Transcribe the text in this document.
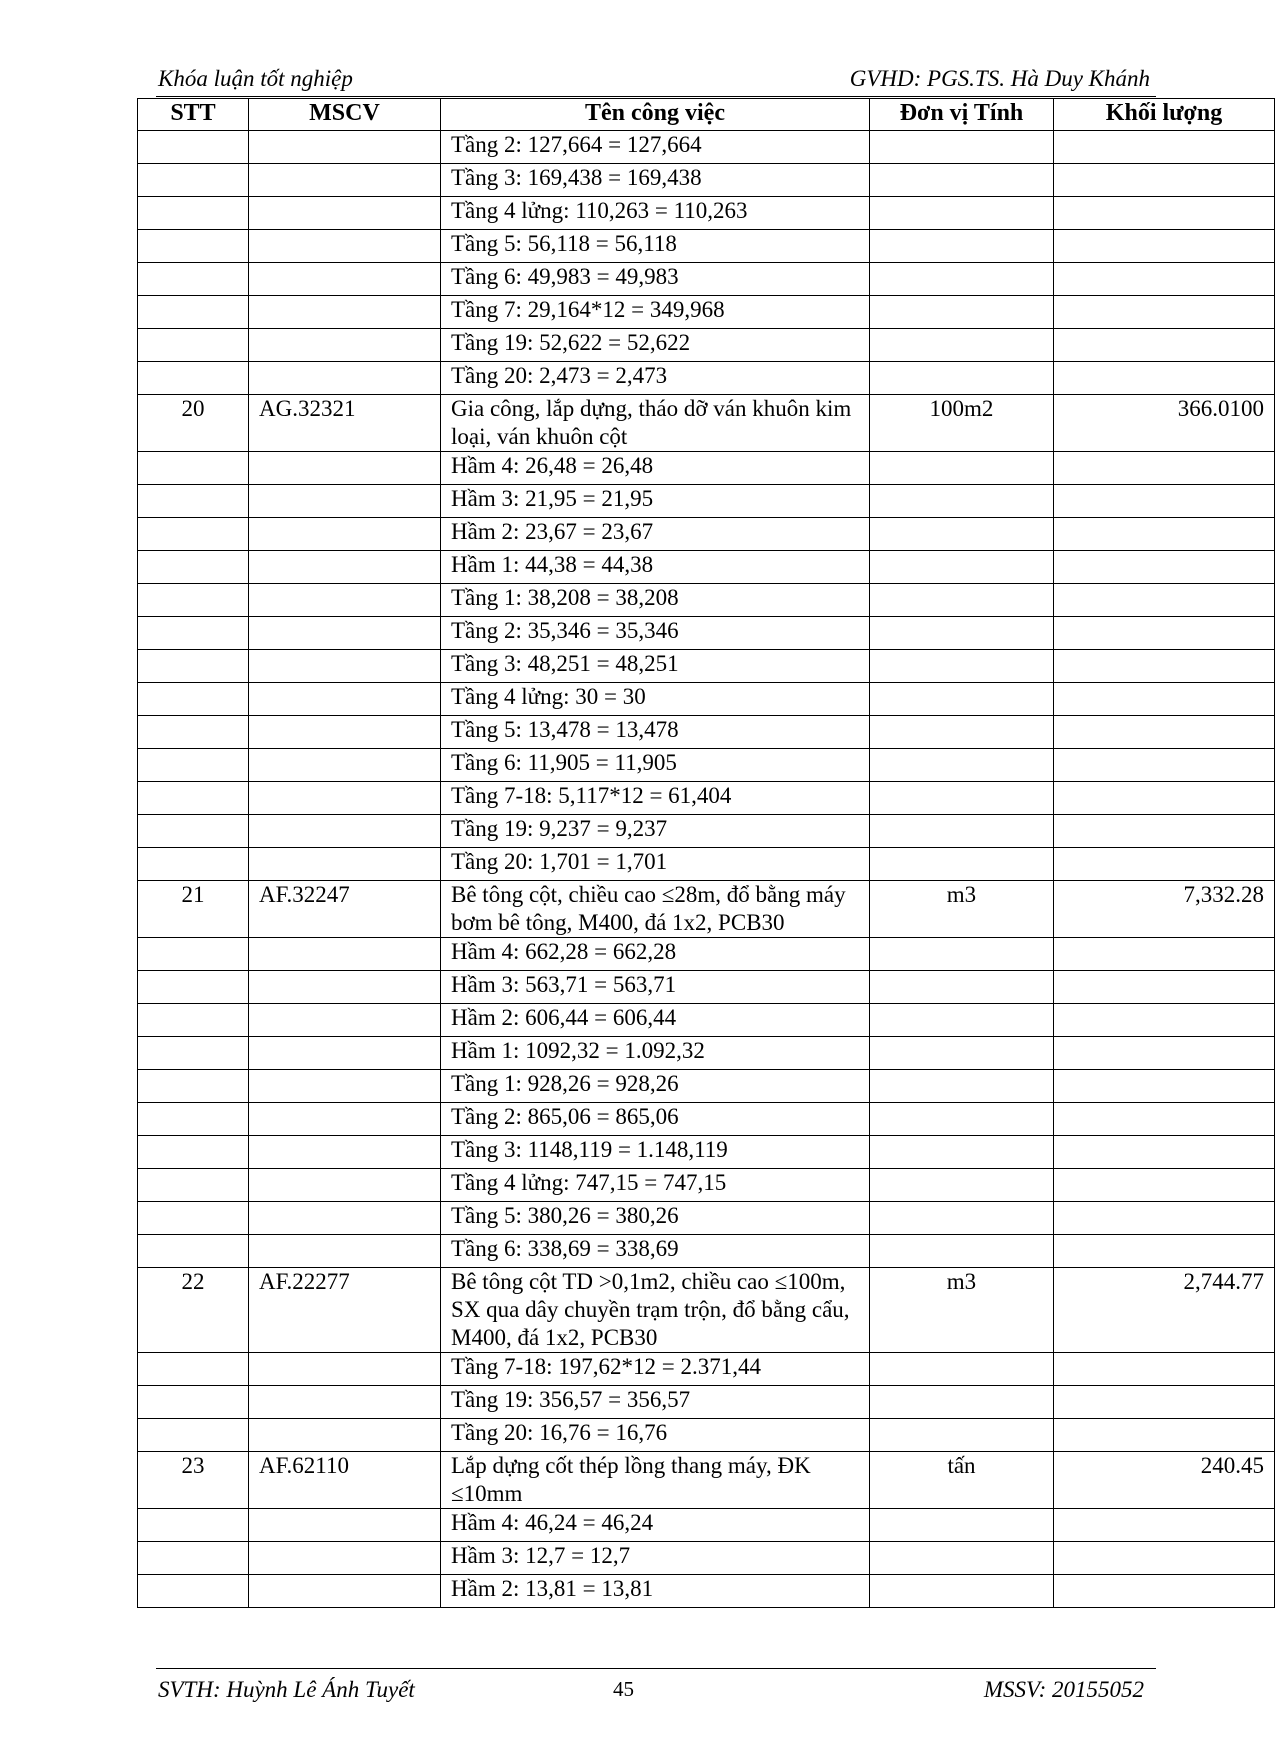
Khóa luận tốt nghiệp	GVHD: PGS.TS. Hà Duy Khánh
STT	MSCV	Tên công việc	Đơn vị Tính	Khối lượng
		Tầng 2: 127,664 = 127,664		
		Tầng 3: 169,438 = 169,438		
		Tầng 4 lửng: 110,263 = 110,263		
		Tầng 5: 56,118 = 56,118		
		Tầng 6: 49,983 = 49,983		
		Tầng 7: 29,164*12 = 349,968		
		Tầng 19: 52,622 = 52,622		
		Tầng 20: 2,473 = 2,473		
20	AG.32321	Gia công, lắp dựng, tháo dỡ ván khuôn kim loại, ván khuôn cột	100m2	366.0100
		Hầm 4: 26,48 = 26,48		
		Hầm 3: 21,95 = 21,95		
		Hầm 2: 23,67 = 23,67		
		Hầm 1: 44,38 = 44,38		
		Tầng 1: 38,208 = 38,208		
		Tầng 2: 35,346 = 35,346		
		Tầng 3: 48,251 = 48,251		
		Tầng 4 lửng: 30 = 30		
		Tầng 5: 13,478 = 13,478		
		Tầng 6: 11,905 = 11,905		
		Tầng 7-18: 5,117*12 = 61,404		
		Tầng 19: 9,237 = 9,237		
		Tầng 20: 1,701 = 1,701		
21	AF.32247	Bê tông cột, chiều cao ≤28m, đổ bằng máy bơm bê tông, M400, đá 1x2, PCB30	m3	7,332.28
		Hầm 4: 662,28 = 662,28		
		Hầm 3: 563,71 = 563,71		
		Hầm 2: 606,44 = 606,44		
		Hầm 1: 1092,32 = 1.092,32		
		Tầng 1: 928,26 = 928,26		
		Tầng 2: 865,06 = 865,06		
		Tầng 3: 1148,119 = 1.148,119		
		Tầng 4 lửng: 747,15 = 747,15		
		Tầng 5: 380,26 = 380,26		
		Tầng 6: 338,69 = 338,69		
22	AF.22277	Bê tông cột TD >0,1m2, chiều cao ≤100m, SX qua dây chuyền trạm trộn, đổ bằng cẩu, M400, đá 1x2, PCB30	m3	2,744.77
		Tầng 7-18: 197,62*12 = 2.371,44		
		Tầng 19: 356,57 = 356,57		
		Tầng 20: 16,76 = 16,76		
23	AF.62110	Lắp dựng cốt thép lồng thang máy, ĐK ≤10mm	tấn	240.45
		Hầm 4: 46,24 = 46,24		
		Hầm 3: 12,7 = 12,7		
		Hầm 2: 13,81 = 13,81		
SVTH: Huỳnh Lê Ánh Tuyết	45	MSSV: 20155052
